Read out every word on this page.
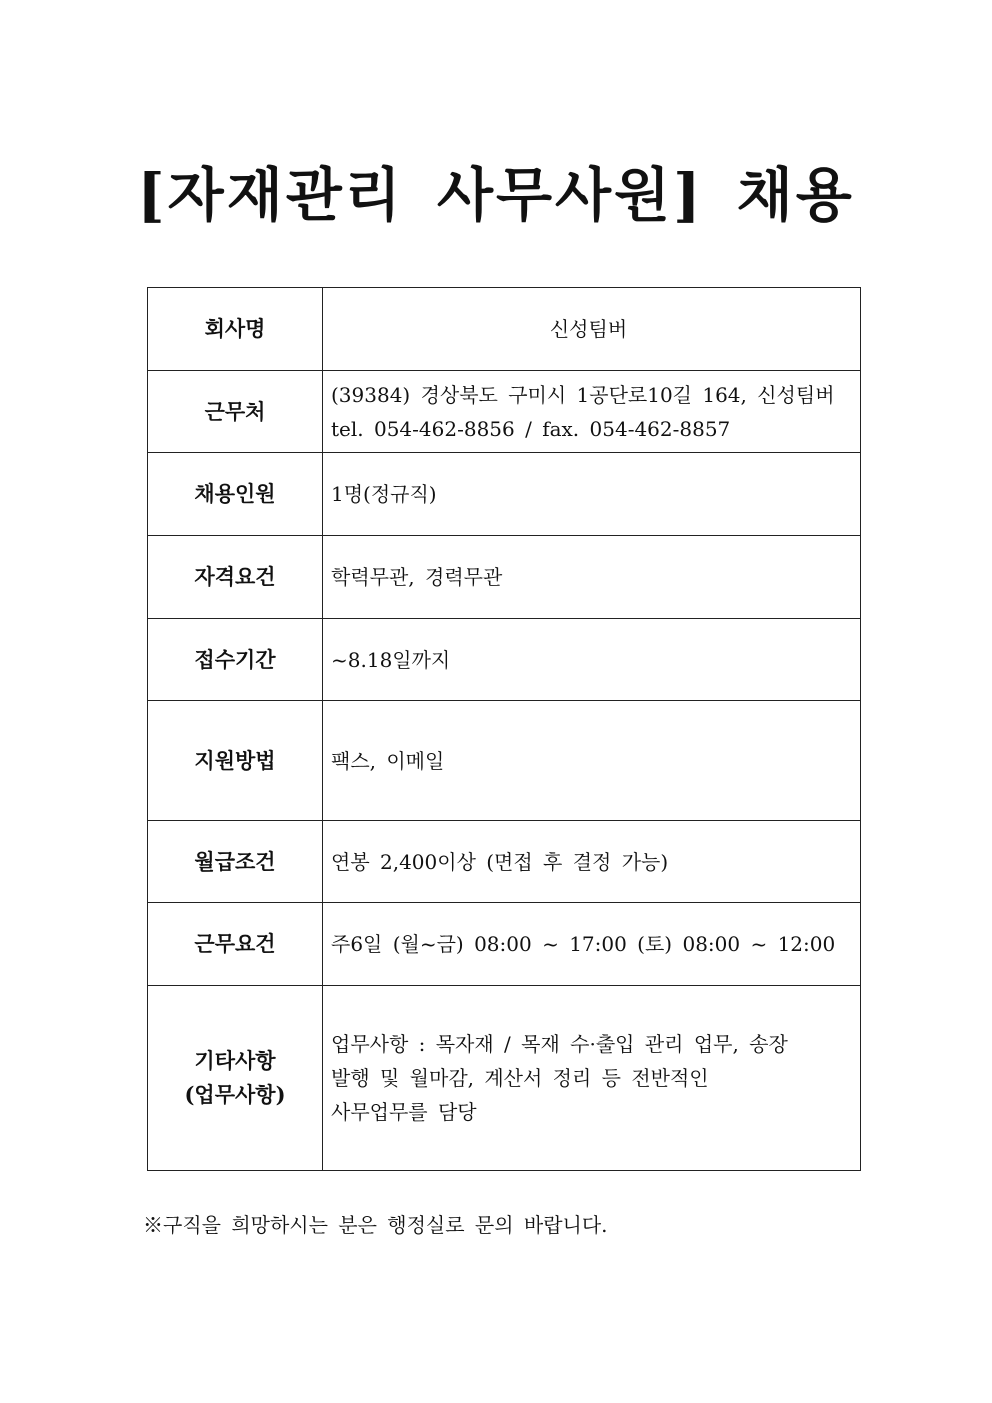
[자재관리 사무사원] 채용
회사명	신성팀버

근무처	(39384) 경상북도 구미시 1공단로10길 164, 신성팀버
tel. 054-462-8856 / fax. 054-462-8857

채용인원	1명(정규직)

자격요건	학력무관, 경력무관

접수기간	~8.18일까지

지원방법	팩스, 이메일

월급조건	연봉 2,400이상 (면접 후 결정 가능)

근무요건	주6일 (월~금) 08:00 ~ 17:00 (토) 08:00 ~ 12:00

기타사항
(업무사항)	업무사항 : 목자재 / 목재 수·출입 관리 업무, 송장
발행 및 월마감, 계산서 정리 등 전반적인
사무업무를 담당
※구직을 희망하시는 분은 행정실로 문의 바랍니다.
